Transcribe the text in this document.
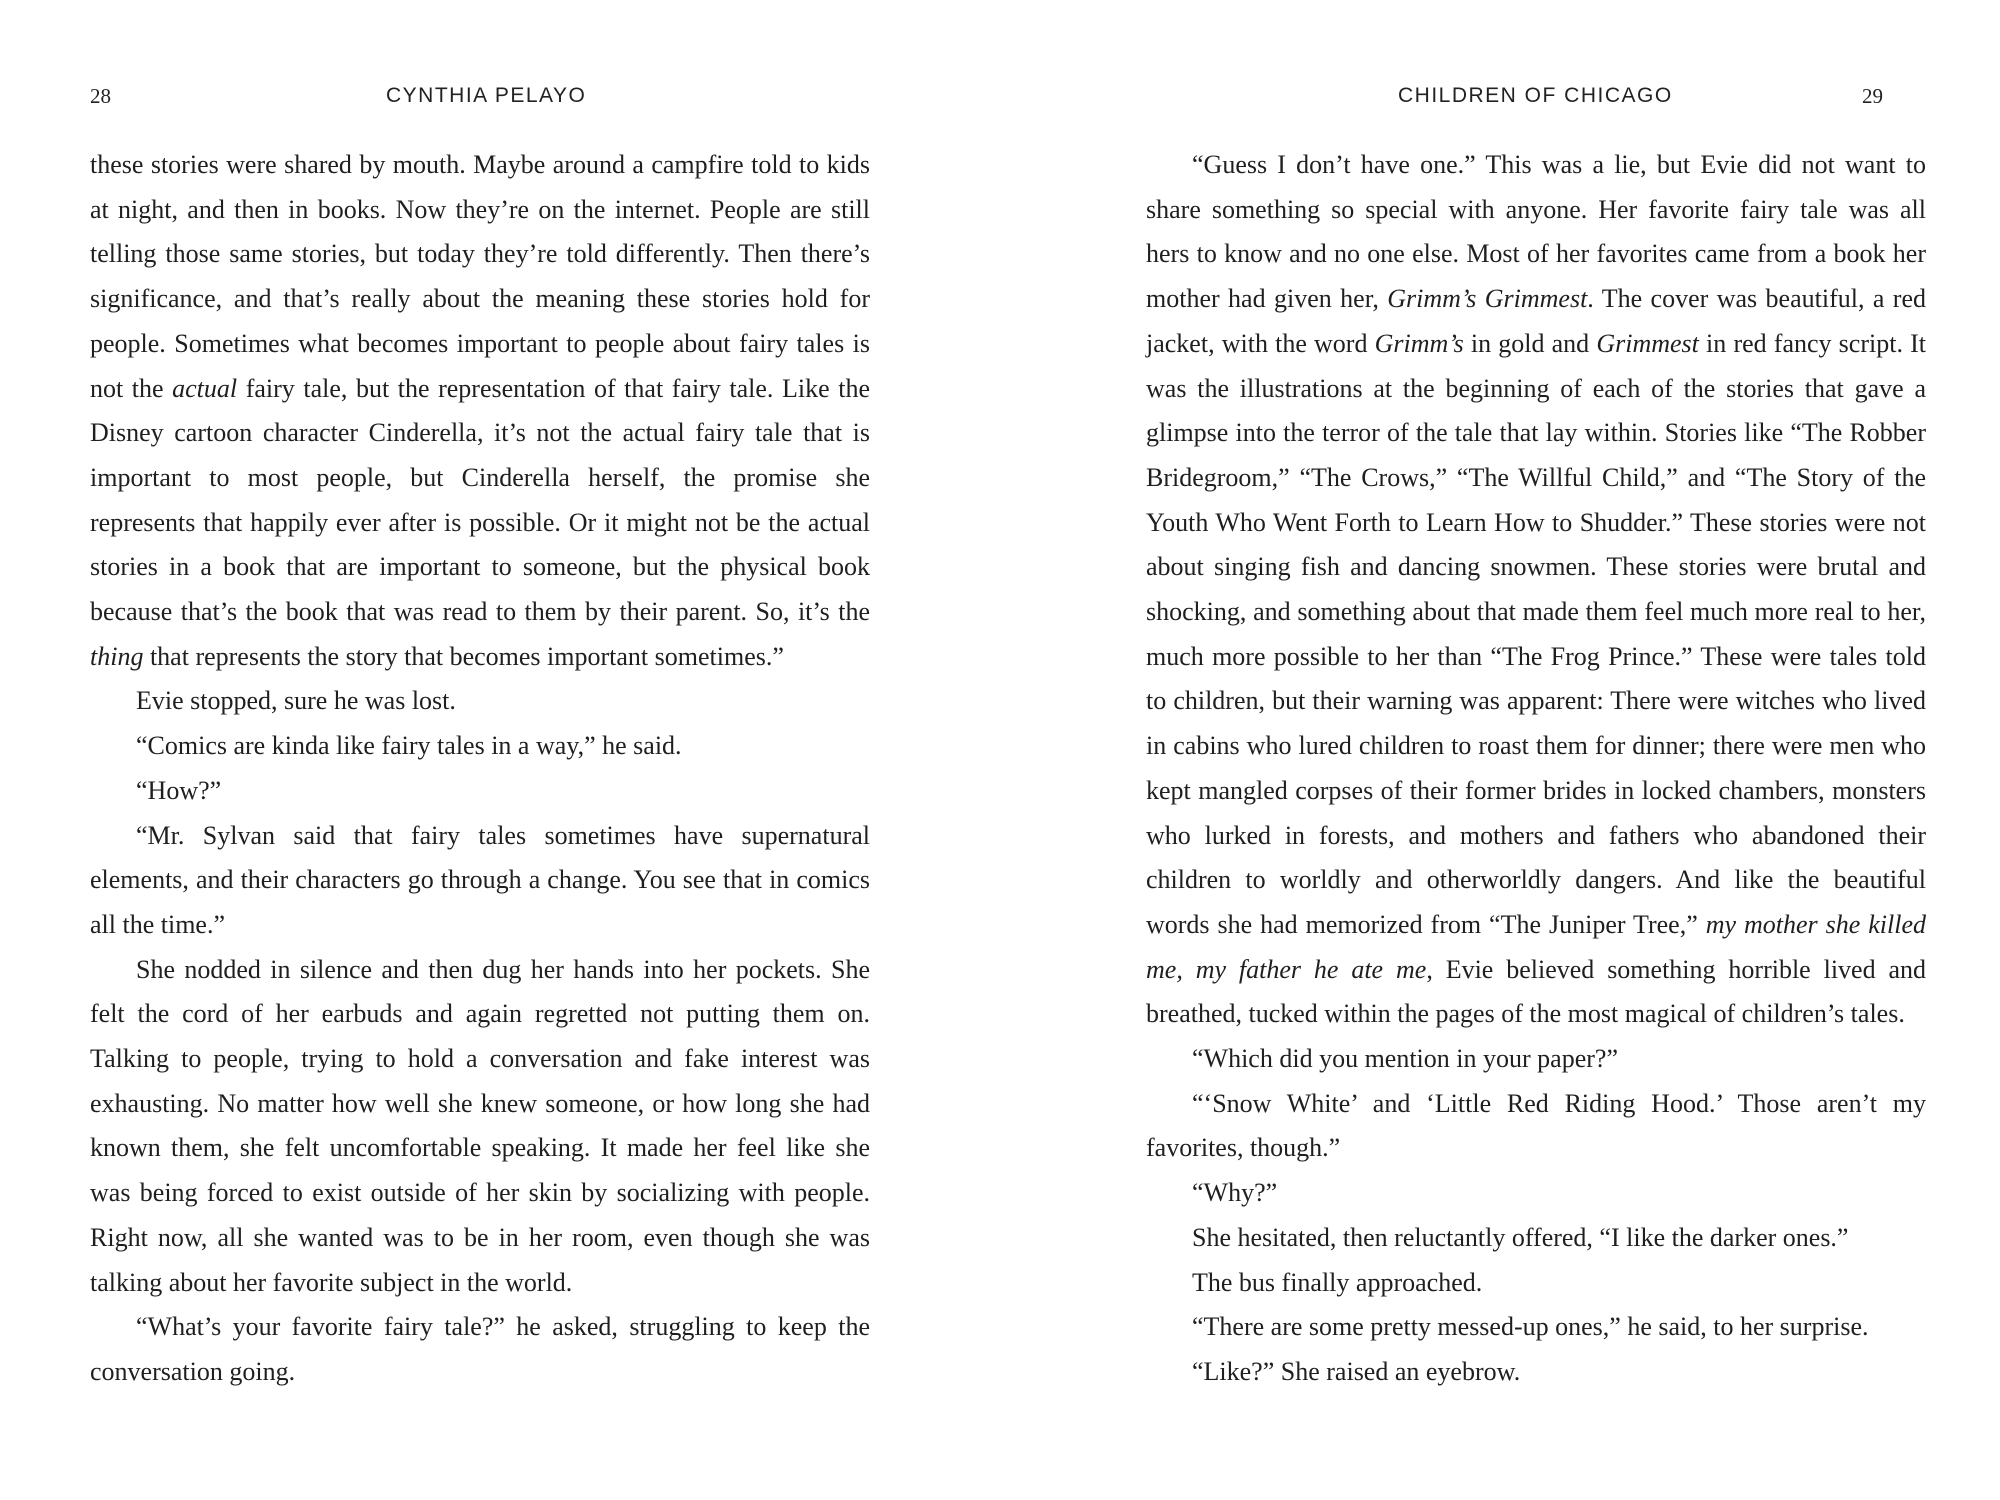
28	CYNTHIA PELAYO

these stories were shared by mouth. Maybe around a campfire told to kids at night, and then in books. Now they’re on the internet. People are still telling those same stories, but today they’re told differently. Then there’s significance, and that’s really about the meaning these stories hold for people. Sometimes what becomes important to people about fairy tales is not the actual fairy tale, but the representation of that fairy tale. Like the Disney cartoon character Cinderella, it’s not the actual fairy tale that is important to most people, but Cinderella herself, the promise she represents that happily ever after is possible. Or it might not be the actual stories in a book that are important to someone, but the physical book because that’s the book that was read to them by their parent. So, it’s the thing that represents the story that becomes important sometimes.”

Evie stopped, sure he was lost.

“Comics are kinda like fairy tales in a way,” he said.

“How?”

“Mr. Sylvan said that fairy tales sometimes have supernatural elements, and their characters go through a change. You see that in comics all the time.”

She nodded in silence and then dug her hands into her pockets. She felt the cord of her earbuds and again regretted not putting them on. Talking to people, trying to hold a conversation and fake interest was exhausting. No matter how well she knew someone, or how long she had known them, she felt uncomfortable speaking. It made her feel like she was being forced to exist outside of her skin by socializing with people. Right now, all she wanted was to be in her room, even though she was talking about her favorite subject in the world.

“What’s your favorite fairy tale?” he asked, struggling to keep the conversation going.

CHILDREN OF CHICAGO	29

“Guess I don’t have one.” This was a lie, but Evie did not want to share something so special with anyone. Her favorite fairy tale was all hers to know and no one else. Most of her favorites came from a book her mother had given her, Grimm’s Grimmest. The cover was beautiful, a red jacket, with the word Grimm’s in gold and Grimmest in red fancy script. It was the illustrations at the beginning of each of the stories that gave a glimpse into the terror of the tale that lay within. Stories like “The Robber Bridegroom,” “The Crows,” “The Willful Child,” and “The Story of the Youth Who Went Forth to Learn How to Shudder.” These stories were not about singing fish and dancing snowmen. These stories were brutal and shocking, and something about that made them feel much more real to her, much more possible to her than “The Frog Prince.” These were tales told to children, but their warning was apparent: There were witches who lived in cabins who lured children to roast them for dinner; there were men who kept mangled corpses of their former brides in locked chambers, monsters who lurked in forests, and mothers and fathers who abandoned their children to worldly and otherworldly dangers. And like the beautiful words she had memorized from “The Juniper Tree,” my mother she killed me, my father he ate me, Evie believed something horrible lived and breathed, tucked within the pages of the most magical of children’s tales.

“Which did you mention in your paper?”

“‘Snow White’ and ‘Little Red Riding Hood.’ Those aren’t my favorites, though.”

“Why?”

She hesitated, then reluctantly offered, “I like the darker ones.”

The bus finally approached.

“There are some pretty messed-up ones,” he said, to her surprise.

“Like?” She raised an eyebrow.
